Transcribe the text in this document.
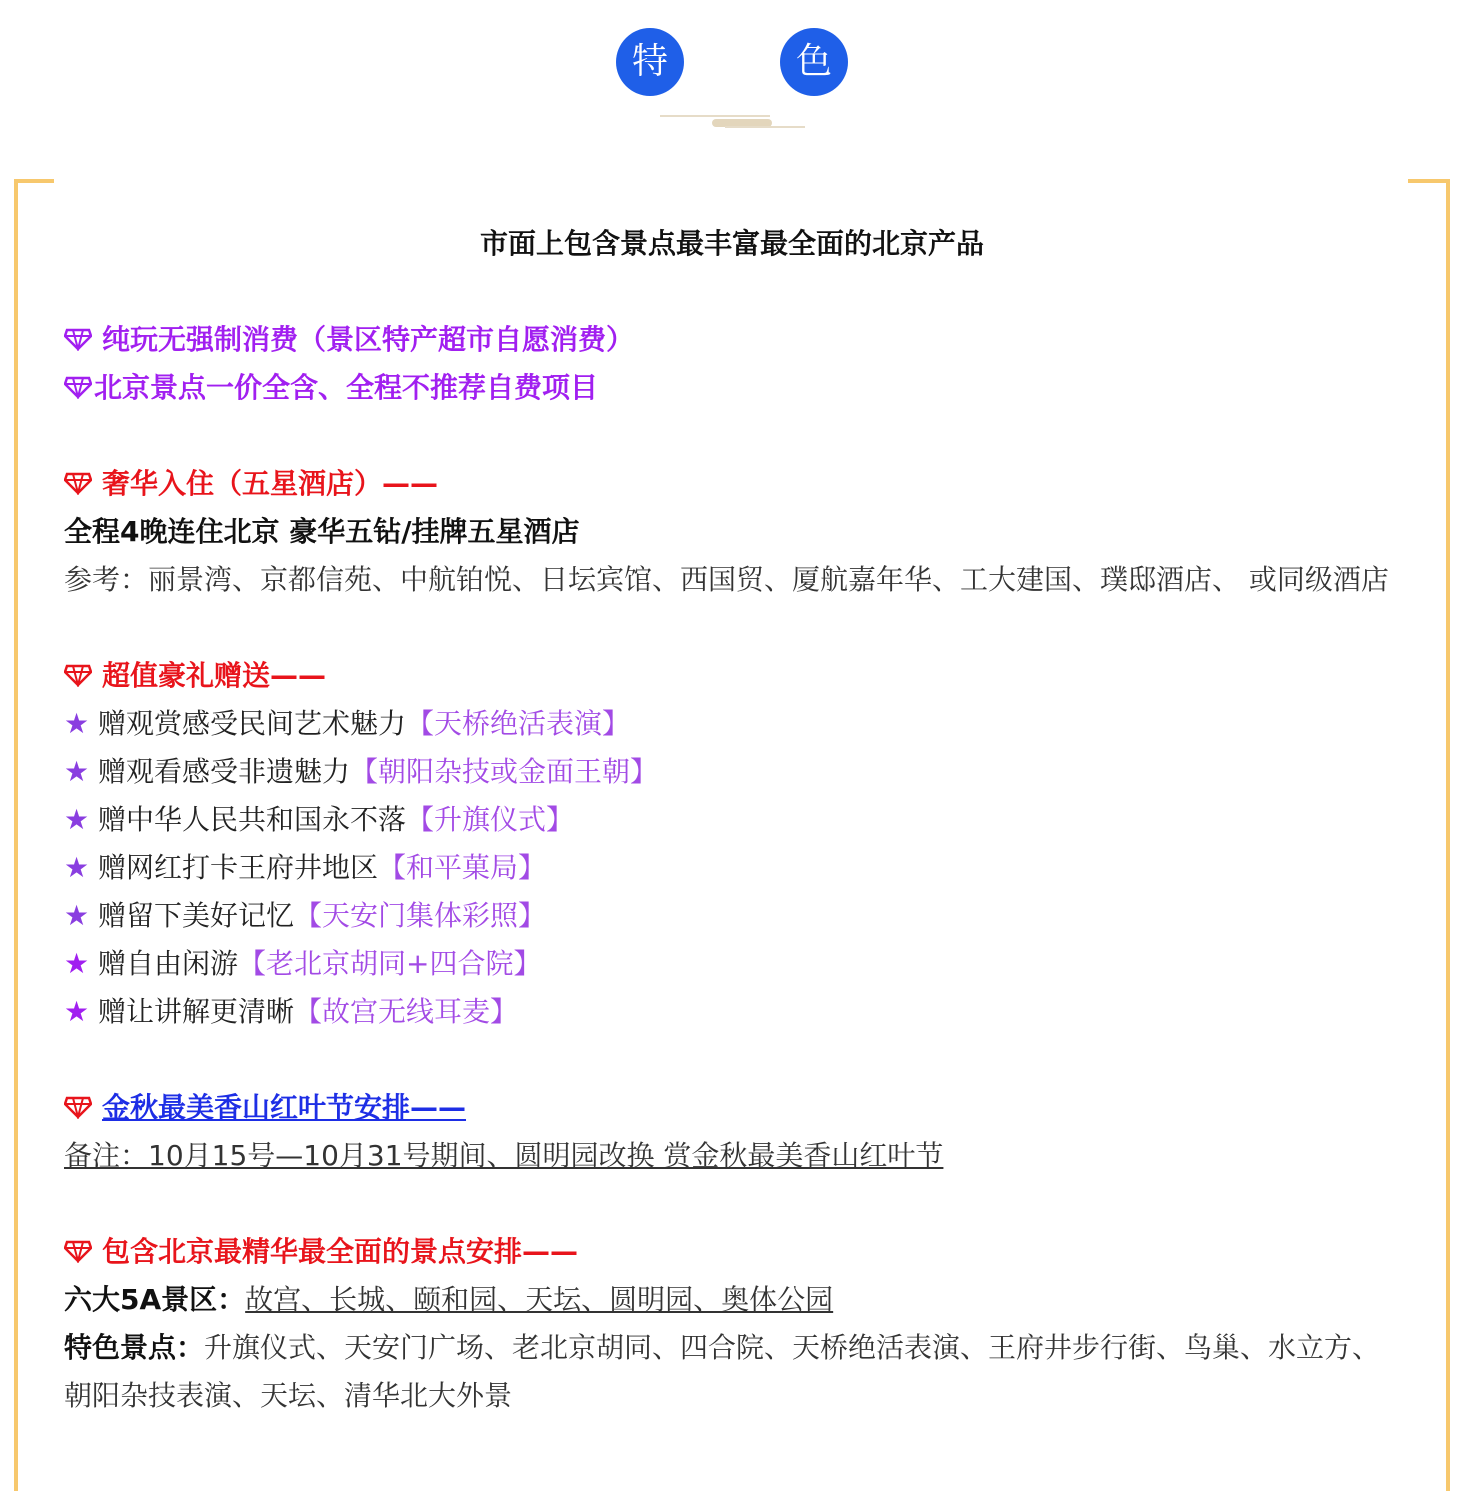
特	色
市面上包含景点最丰富最全面的北京产品
纯玩无强制消费（景区特产超市自愿消费）
北京景点一价全含、全程不推荐自费项目
奢华入住（五星酒店）——
全程4晚连住北京 豪华五钻/挂牌五星酒店
参考：丽景湾、京都信苑、中航铂悦、日坛宾馆、西国贸、厦航嘉年华、工大建国、璞邸酒店、 或同级酒店
超值豪礼赠送——
★ 赠观赏感受民间艺术魅力【天桥绝活表演】
★ 赠观看感受非遗魅力【朝阳杂技或金面王朝】
★ 赠中华人民共和国永不落【升旗仪式】
★ 赠网红打卡王府井地区【和平菓局】
★ 赠留下美好记忆【天安门集体彩照】
★ 赠自由闲游【老北京胡同+四合院】
★ 赠让讲解更清晰【故宫无线耳麦】
金秋最美香山红叶节安排——
备注：10月15号—10月31号期间、圆明园改换 赏金秋最美香山红叶节
包含北京最精华最全面的景点安排——
六大5A景区：故宫、长城、颐和园、天坛、圆明园、奥体公园
特色景点：升旗仪式、天安门广场、老北京胡同、四合院、天桥绝活表演、王府井步行街、鸟巢、水立方、朝阳杂技表演、天坛、清华北大外景
